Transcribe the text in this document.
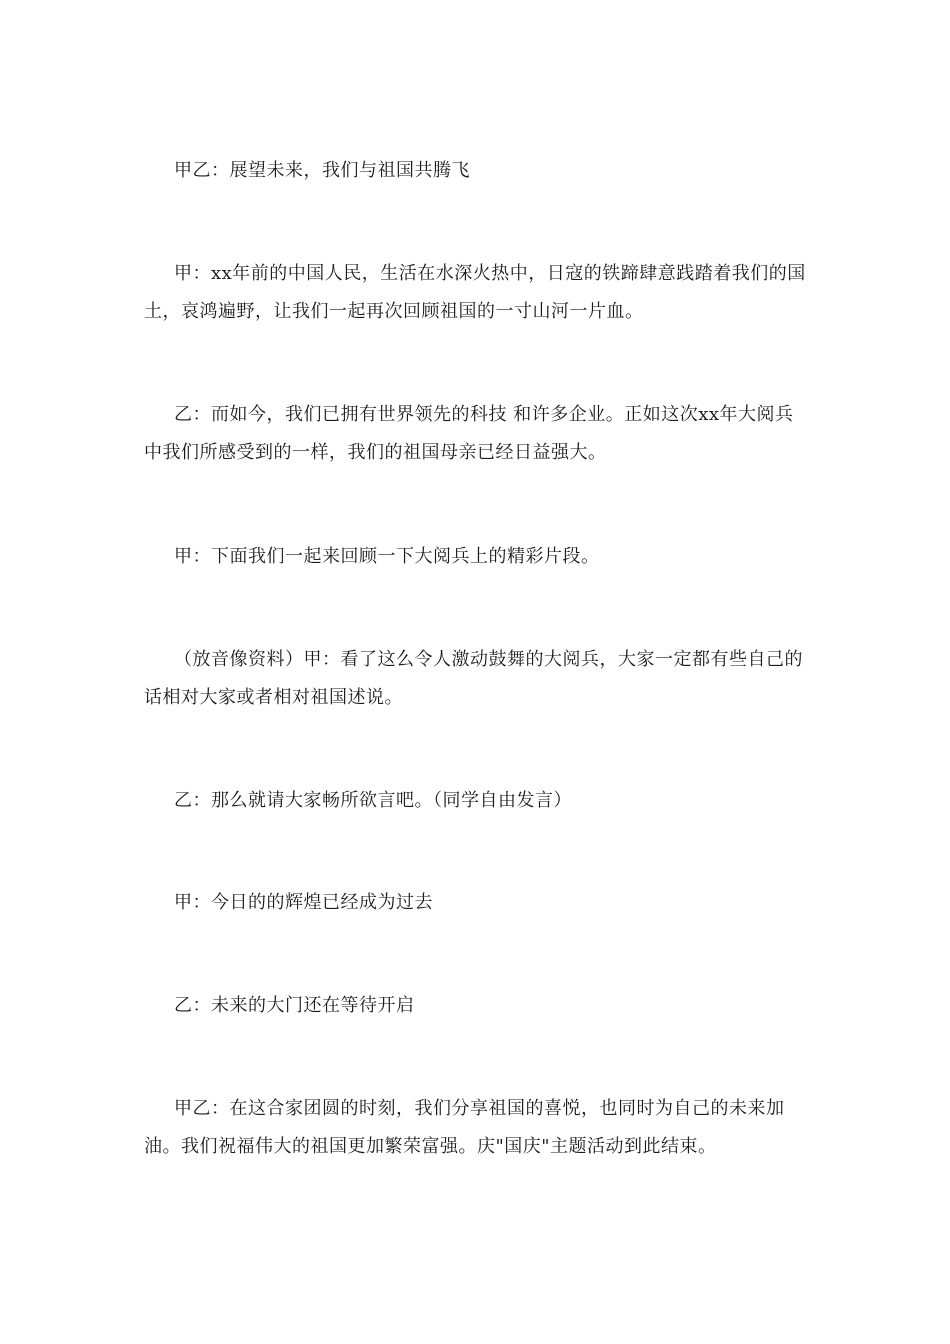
甲乙：展望未来，我们与祖国共腾飞

甲：xx年前的中国人民，生活在水深火热中，日寇的铁蹄肆意践踏着我们的国土，哀鸿遍野，让我们一起再次回顾祖国的一寸山河一片血。

乙：而如今，我们已拥有世界领先的科技 和许多企业。正如这次xx年大阅兵中我们所感受到的一样，我们的祖国母亲已经日益强大。

甲：下面我们一起来回顾一下大阅兵上的精彩片段。

（放音像资料）甲：看了这么令人激动鼓舞的大阅兵，大家一定都有些自己的话相对大家或者相对祖国述说。

乙：那么就请大家畅所欲言吧。（同学自由发言）

甲：今日的的辉煌已经成为过去

乙：未来的大门还在等待开启

甲乙：在这合家团圆的时刻，我们分享祖国的喜悦，也同时为自己的未来加油。我们祝福伟大的祖国更加繁荣富强。庆"国庆"主题活动到此结束。
